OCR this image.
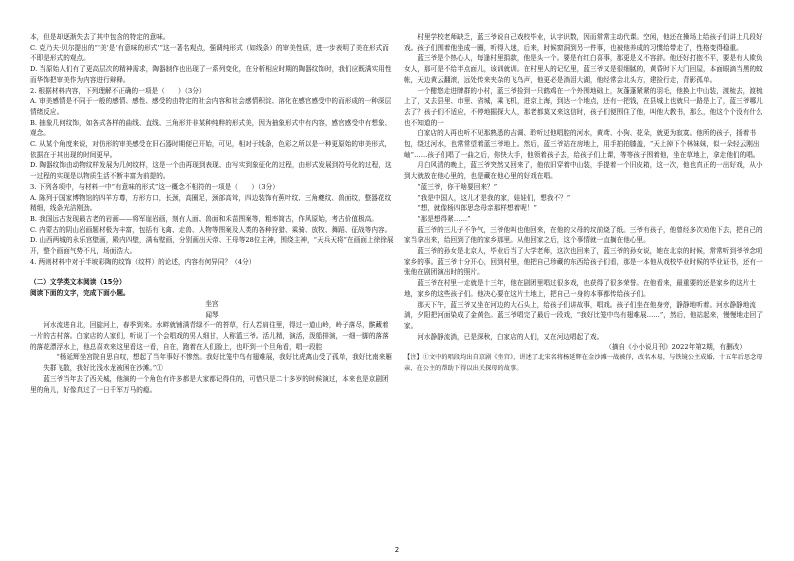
本，但是却逐渐失去了其中包含的特定的意味。

C. 克乃夫·贝尔提出的“‘美’是‘有意味的形式’”这一著名观点，强调纯形式（如线条）的审美性质，进一步表明了美在形式而不即是形式的观点。

D. 当原始人们有了更高层次的精神需求，陶器制作也出现了一系列变化，在分析相应时期的陶器纹饰时，我们应既满实用性而华饰把审美作为内容进行辩释。

2. 根据材料内容，下列理解不正确的一项是（　　）（3分）

A. 审美感情是不同于一般的感情、感性、感受的由特定的社会内容和社会感情积淀、溶化在感官感受中的而形成的一种深层情绪反应。

B. 抽象几何纹饰，如各式各样的曲线、直线、三角形并非某种纯粹的形式美，因为抽象形式中有内容，感官感受中有想象、观念。

C. 从某个角度来说，对仿形的审美感受在旧石器时期便已开始，可见，相对于线条，色彩之所以是一种更原始的审美形式，依据在于其出现的时间更早。

D. 陶器纹饰由动物纹样发展为几何纹样，这是一个由再现到表现、由写实到象征化的过程，由形式发展到符号化的过程，这一过程的实现是以物质生活不断丰富为前提的。

3. 下列各项中，与材料一中“有意味的形式”这一概念不相符的一项是（　　）（3分）

A. 陈列于国家博物馆的四羊方尊，方形方口，长颈，高圈足，颈部高耸，四边装饰有蕉叶纹、三角夔纹、兽面纹，整器花纹精细，线条光洁刚劲。

B. 我国远古发现最古老的岩画——将军崖岩画，刻有人面、兽面和禾苗图案等，粗率简古，作风原始，考古价值极高。

C. 内蒙古的阴山岩画题材极为丰富，包括有飞禽、走兽、人物等图案及人类的各种狩猎、乘骑、放牧、舞蹈、征战等内容。

D. 山西两城的永乐宫壁画，殿内四壁，满布壁画，分别画出天帝、王母等28位主神，围绕主神，“天兵天将”在画面上徐徐展开，整个画面气势不凡，场面浩大。

4. 两则材料中对于半坡彩陶的纹饰（纹样）的论述，内容有何异同？（4分）

（二）文学类文本阅读（15分）

阅读下面的文字，完成下面小题。

坐宫

闻琴

河水流进自北，回旋河上，春季到来。水畔就铺满青绿不一的苔草，行人若肩往里，得过一道山岭，岭子落尽，髌藏着一片的古村落。白家店的人家们，听说丁一个会唱戏的男人细甘，人称篮三爷。活儿精，演活，泼船排演，一细一脚的落落的落花漂浮水上，他总喜欢来这里看这一看，自在，跑着在人们脸上，也吓到一个旦角看，唱一段腔

“杨延辉坐宫院自思自叹，想起了当年事好不惨然。我好比笼中鸟有翅难展，我好比虎离山受了孤单，我好比南来雁失群飞散，我好比浅水龙被困在沙滩。”①

蓝三爷当年去了西关城，他演的一个角色有许多都是大家都记得住的，可惜只是二十多岁的时候演过，本来也是京剧团里的角儿，好像真过了一日千军万马的瘾。

村里学校老师缺乏，蓝三爷说自己戏校毕业，认字识数，因而常常主动代课。空闲，他还在操场上给孩子们讲上几段好戏。孩子们围着他坐成一圈，听得入迷，后来，时候窗洞到另一件事，也被他养成的习惯给带走了，性格变得稳重。

蓝三爷是个热心人，每逢村里捐款，他是头一个。要是有红白喜事，那更是义不容辞。他还好打抱不平，要是有人欺负女人，那可是不给半点面儿，该训就训。在村里人的记忆里，蓝三爷又是很细腻的，黄昏时下大门回屋，本面眼滴当黑的蚊帐，天边黄云翻滚，远处传来夹杂的飞鸟声，他更必是淌泪大湖，他经常会北头方，建捡行走，背影孤单。

一个酣悠走进牌群的小村，蓝三爷捡到一只鹤鸡在一个外围地础上，灰蓬蓬紧紧的羽毛，他换上中山装，渡梳去，渡梳上了，又去县里、市里、省城，乘飞机，进京上海，到达一个地点，还有一把钱，在县城上也就只一路是上了，蓝三爷哪儿去了？孩子们不适应，不停地掘探大人，那老都莫又来这信时，孩子们便围住了他，叫他大教书，那么，他这个个没有什么也不知道的一

白家店的人再也听不见那熟悉的吉调、聆听过他唱腔的河水，黄鸢、小狗、花朵，就更为寂寞。他所的孩子，扬着书包，绕过河水，也常常望着蓝三爷地上。然后，蓝三爷站在房地上，用手拍拍膝盖，“天上掉下个林妹妹，似一朵轻云刚出岫”……孩子们唱了一曲之后，你快大手，他领着孩子去，给孩子们上课，等等孩子围着他，坐在草地上，拿走他们的唱。

月白风清的晚上，蓝三爷突然又回来了，他依旧穿着中山装，手提着一个旧皮箱，这一次，他也真正的一出好戏，从小到大就放在他心里的，也是藏在他心里的好戏在唱。

“蓝三爷，你干啥要回来？”

“我是中国人，这儿才是我的家，娃娃们，想我不？”

“想，就像杨四郎思念母亲那样想着呢！”

“那是想得紧……”

蓝三爷的三儿子不争气，三爷他叫也他回来，在他的父母的坟前烧了纸。三爷有孩子，他曾经多次劝他下去，把自己的家当拿出来，给回到了他的家乡那里。从他回家之后，这个事情就一直搁在他心里。

蓝三爷的孙女是北京人，毕业后当了大学老师，这次也回来了，蓝三爷的孙女说，她在北京的时候，常常听到爷爷念叨家乡的事。蓝三爷十分开心，回到村里，他把自己珍藏的东西给孩子们看，那是一本他从戏校毕业时候的毕业证书，还有一张他在剧团演出时的照片。

蓝三爷在村里一走就是十三年，他在剧团里唱过很多戏，也获得了很多荣誉。在他看来，最重要的还是家乡的这片土地，家乡的这些孩子们。他决心要在这片土地上，把自己一身的本事都传给孩子们。

那天下午，蓝三爷又坐在河边的大石头上，给孩子们讲故事，唱戏。孩子们坐在他身旁，静静地听着。河水静静地流淌，夕阳把河面染成了金黄色。蓝三爷唱完了最后一段戏，“我好比笼中鸟有翅难展……”，然后，他站起来，慢慢地走回了家。

河水静静流淌，已是深秋，白家店的人们，又在河边唱起了戏。

（摘自《小小说月刊》2022年第2期，有删改）

【注】①文中的唱段均出自京剧《坐宫》，讲述了北宋名将杨延辉在金沙滩一战被俘，改名木易，与铁镜公主成婚，十五年后思念母亲，在公主的帮助下得以出关探母的故事。

2
